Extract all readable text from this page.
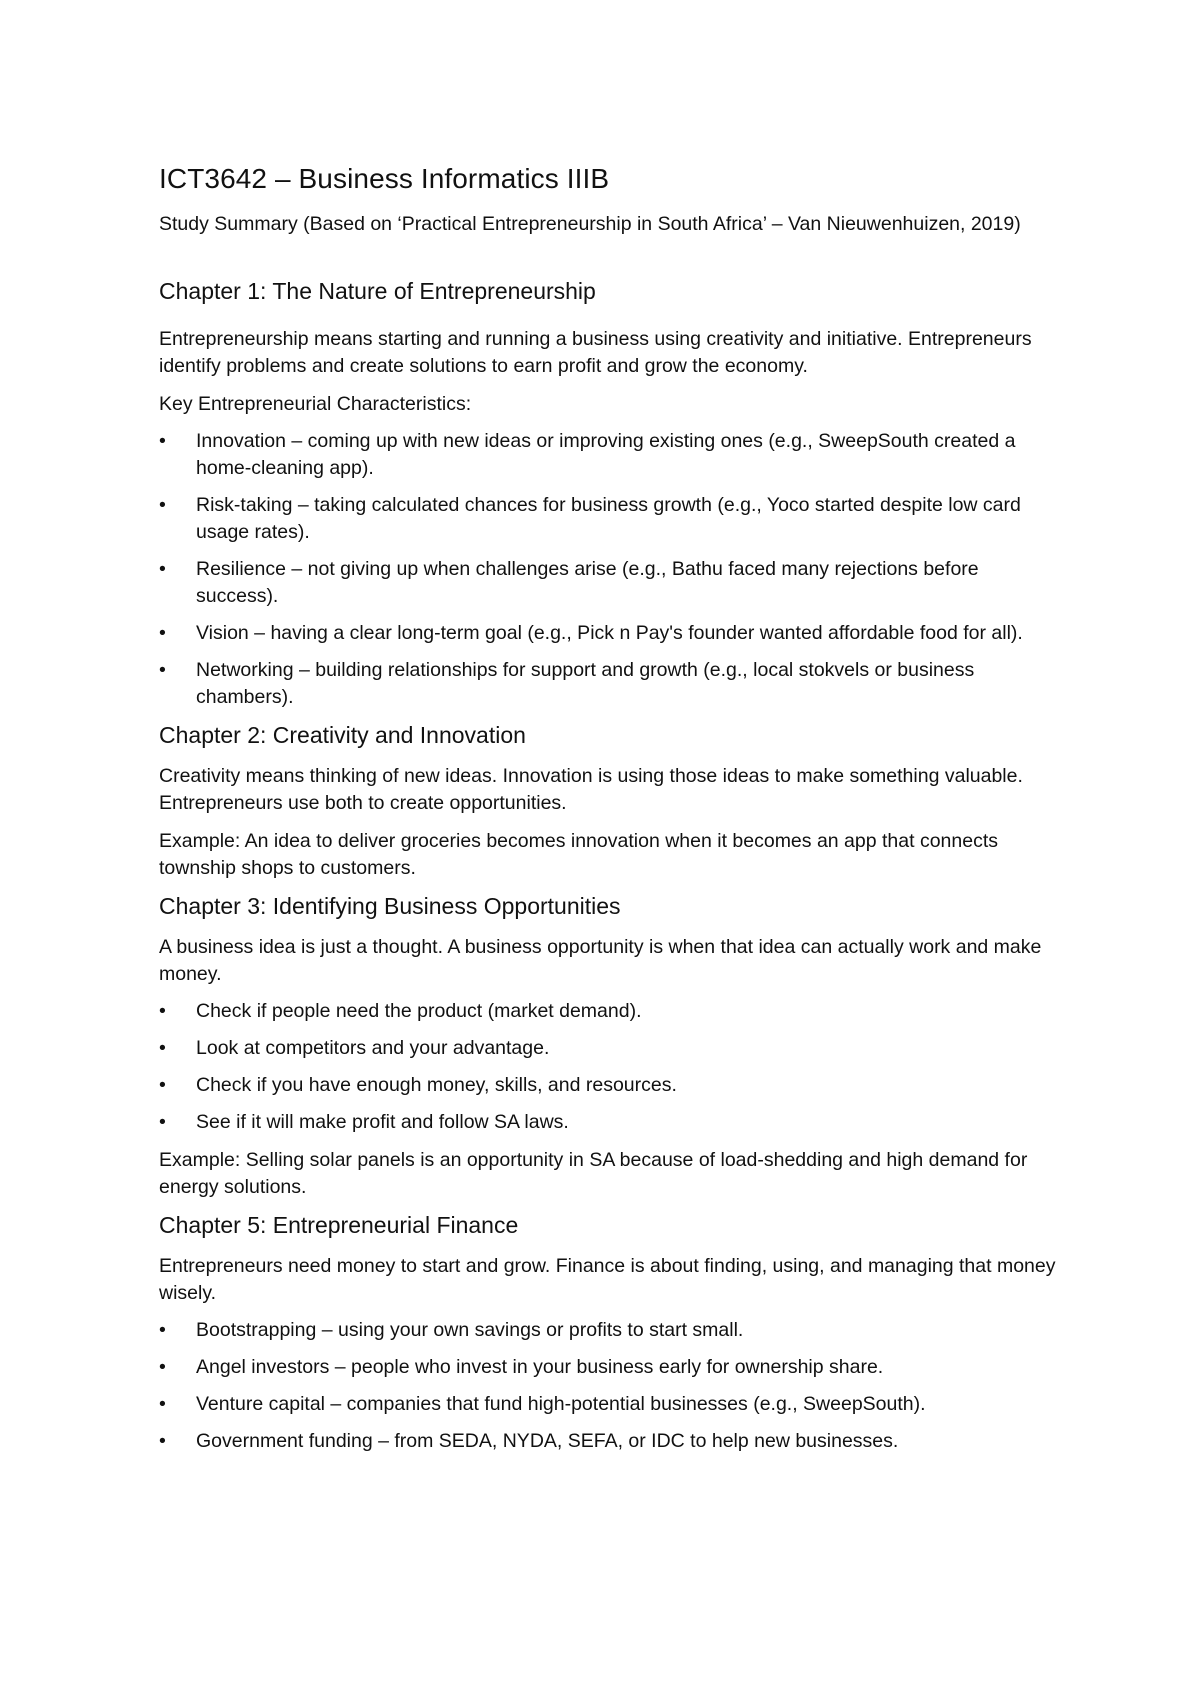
ICT3642 – Business Informatics IIIB

Study Summary (Based on ‘Practical Entrepreneurship in South Africa’ – Van Nieuwenhuizen, 2019)

Chapter 1: The Nature of Entrepreneurship

Entrepreneurship means starting and running a business using creativity and initiative. Entrepreneurs identify problems and create solutions to earn profit and grow the economy.

Key Entrepreneurial Characteristics:

•	Innovation – coming up with new ideas or improving existing ones (e.g., SweepSouth created a home-cleaning app).
•	Risk-taking – taking calculated chances for business growth (e.g., Yoco started despite low card usage rates).
•	Resilience – not giving up when challenges arise (e.g., Bathu faced many rejections before success).
•	Vision – having a clear long-term goal (e.g., Pick n Pay's founder wanted affordable food for all).
•	Networking – building relationships for support and growth (e.g., local stokvels or business chambers).
Chapter 2: Creativity and Innovation

Creativity means thinking of new ideas. Innovation is using those ideas to make something valuable. Entrepreneurs use both to create opportunities.

Example: An idea to deliver groceries becomes innovation when it becomes an app that connects township shops to customers.

Chapter 3: Identifying Business Opportunities

A business idea is just a thought. A business opportunity is when that idea can actually work and make money.

•	Check if people need the product (market demand).
•	Look at competitors and your advantage.
•	Check if you have enough money, skills, and resources.
•	See if it will make profit and follow SA laws.

Example: Selling solar panels is an opportunity in SA because of load-shedding and high demand for energy solutions.

Chapter 5: Entrepreneurial Finance

Entrepreneurs need money to start and grow. Finance is about finding, using, and managing that money wisely.

•	Bootstrapping – using your own savings or profits to start small.
•	Angel investors – people who invest in your business early for ownership share.
•	Venture capital – companies that fund high-potential businesses (e.g., SweepSouth).
•	Government funding – from SEDA, NYDA, SEFA, or IDC to help new businesses.
